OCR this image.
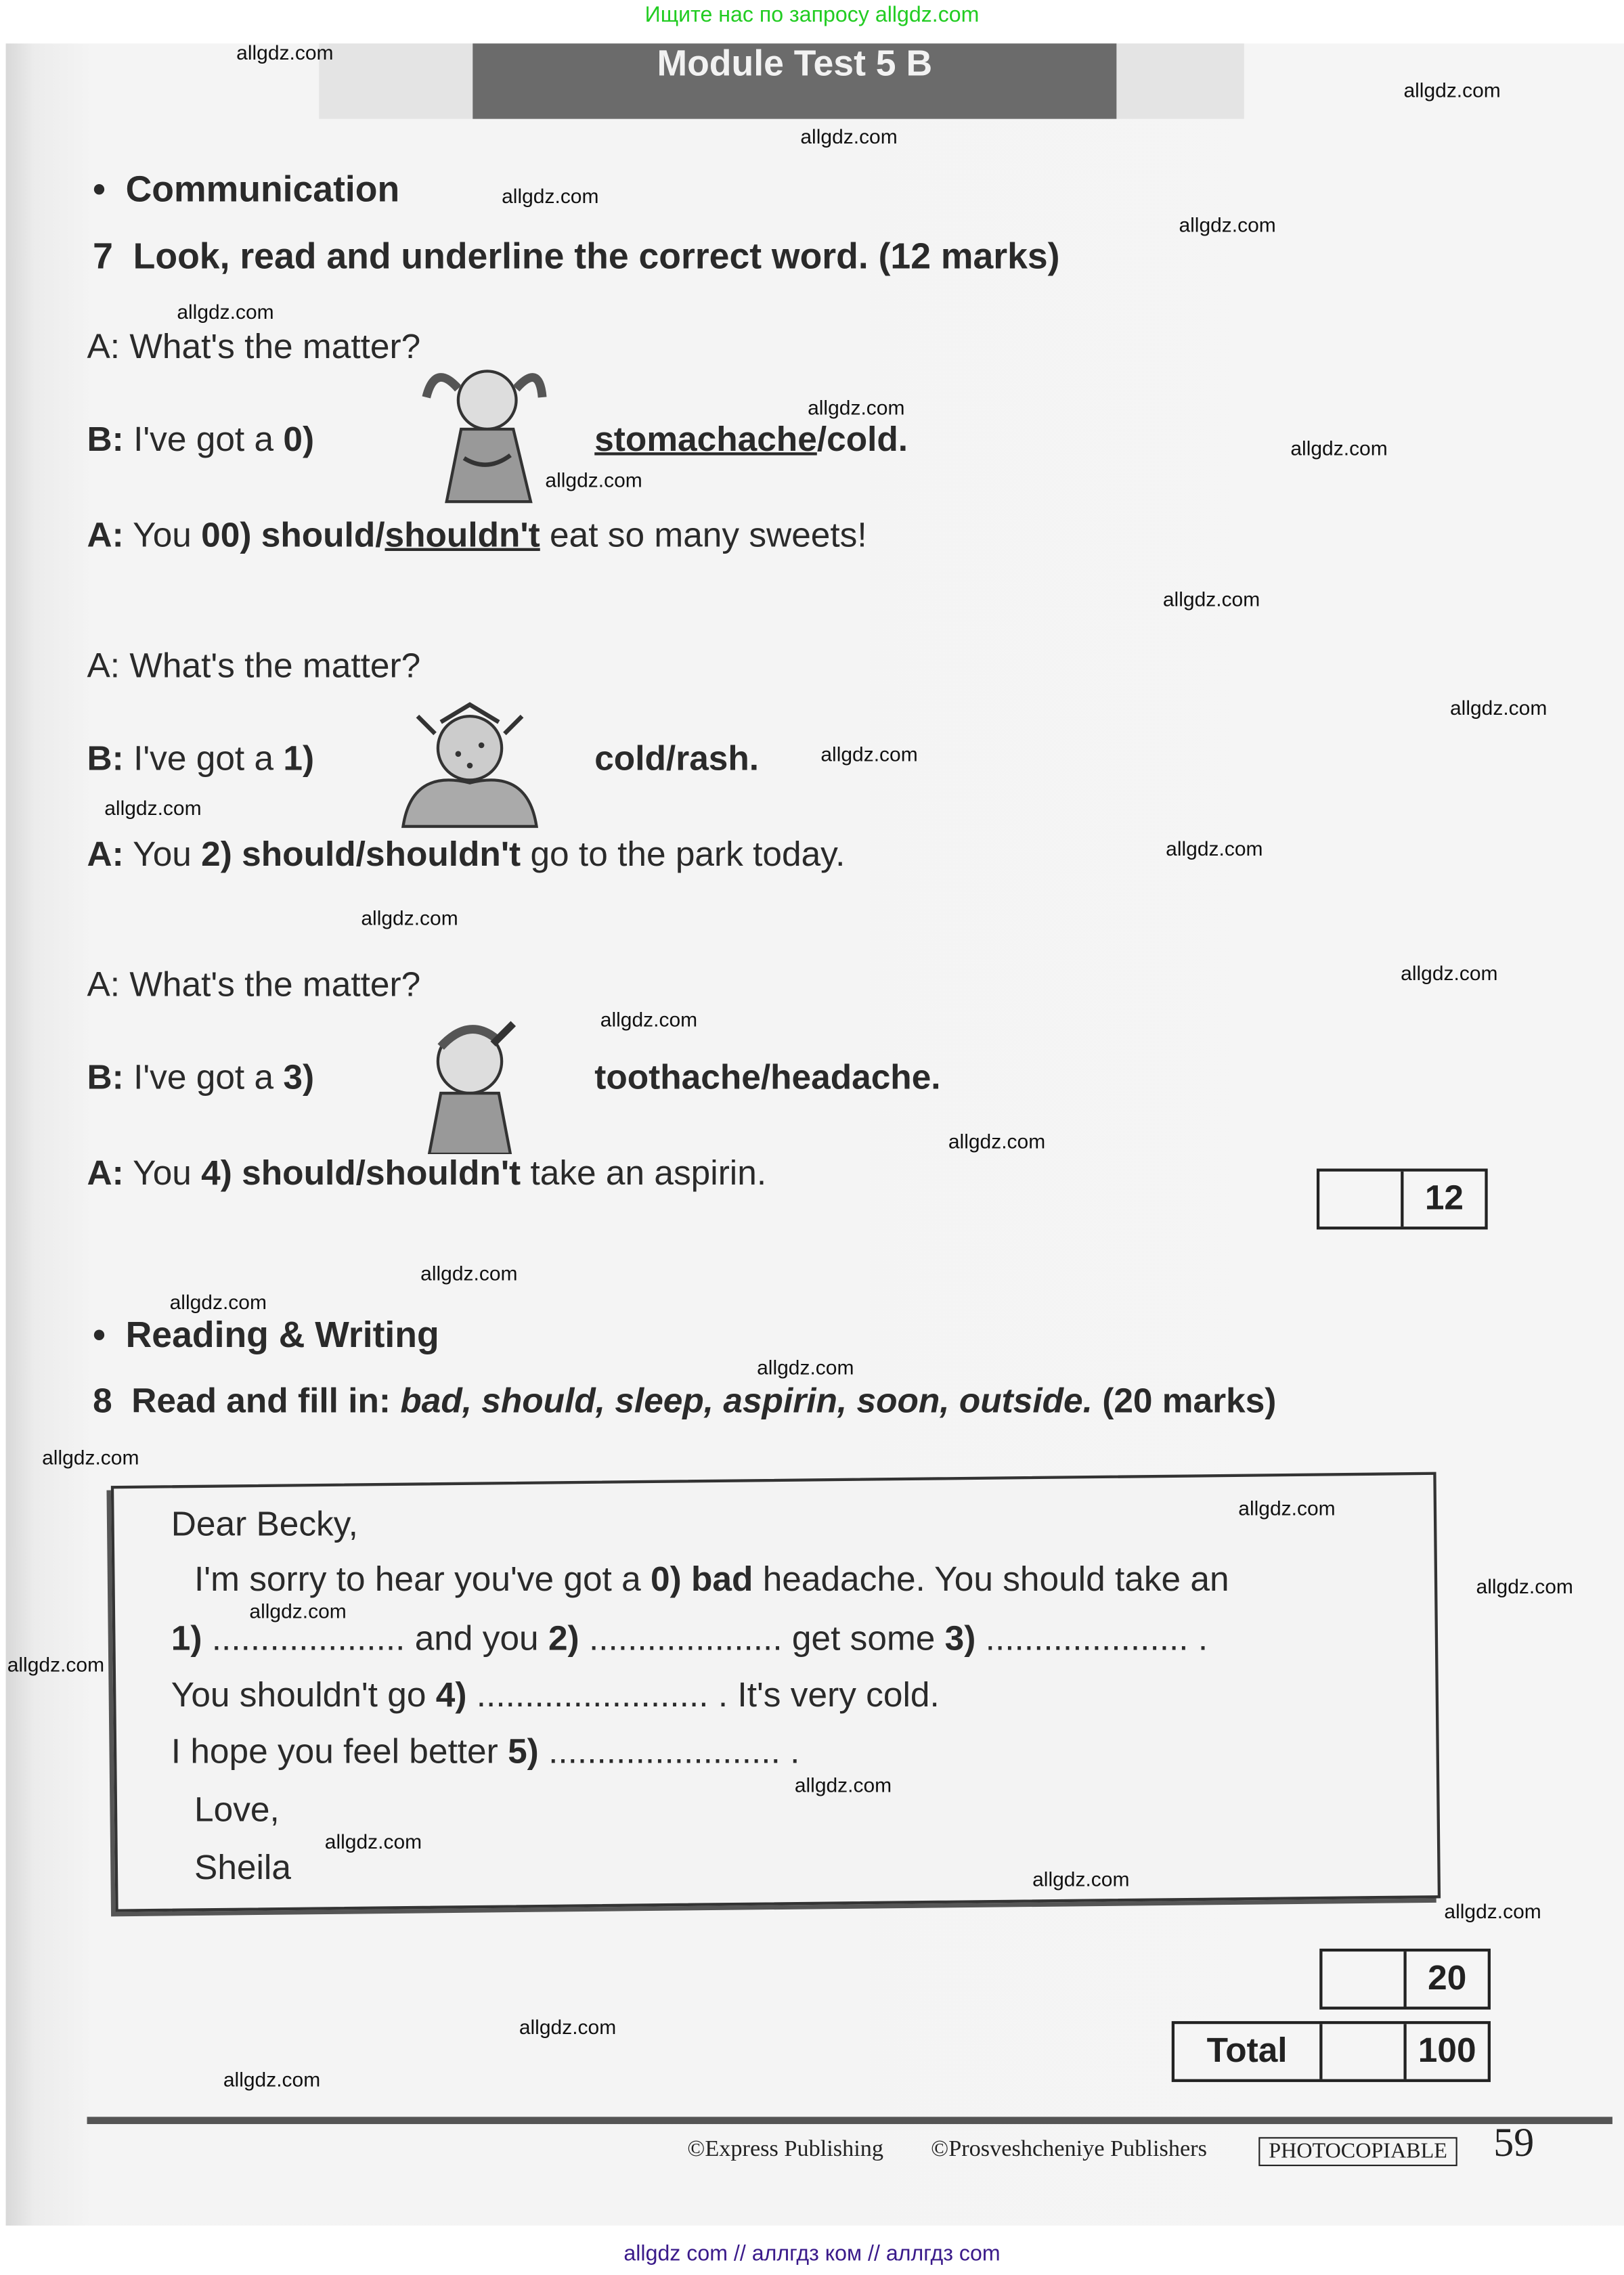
Ищите нас по запросу allgdz.com
Module Test 5 B
•  Communication
7 Look, read and underline the correct word. (12 marks)
A: What's the matter?
B: I've got a 0)	stomachache/cold.
A: You 00) should/shouldn't eat so many sweets!
A: What's the matter?
B: I've got a 1)	cold/rash.
A: You 2) should/shouldn't go to the park today.
A: What's the matter?
B: I've got a 3)	toothache/headache.
A: You 4) should/shouldn't take an aspirin.
12
•  Reading & Writing
8 Read and fill in: bad, should, sleep, aspirin, soon, outside. (20 marks)
Dear Becky,
I'm sorry to hear you've got a 0) bad headache. You should take an
1) .................... and you 2) .................... get some 3) ..................... .
You shouldn't go 4) ........................ . It's very cold.
I hope you feel better 5) ........................ .
Love,
Sheila
20
Total	100
©Express Publishing	©Prosveshcheniye Publishers	PHOTOCOPIABLE	59
allgdz com // аллгдз ком // аллгдз com
allgdz.com
allgdz.com
allgdz.com
allgdz.com
allgdz.com
allgdz.com
allgdz.com
allgdz.com
allgdz.com
allgdz.com
allgdz.com
allgdz.com
allgdz.com
allgdz.com
allgdz.com
allgdz.com
allgdz.com
allgdz.com
allgdz.com
allgdz.com
allgdz.com
allgdz.com
allgdz.com
allgdz.com
allgdz.com
allgdz.com
allgdz.com
allgdz.com
allgdz.com
allgdz.com
allgdz.com
allgdz.com
